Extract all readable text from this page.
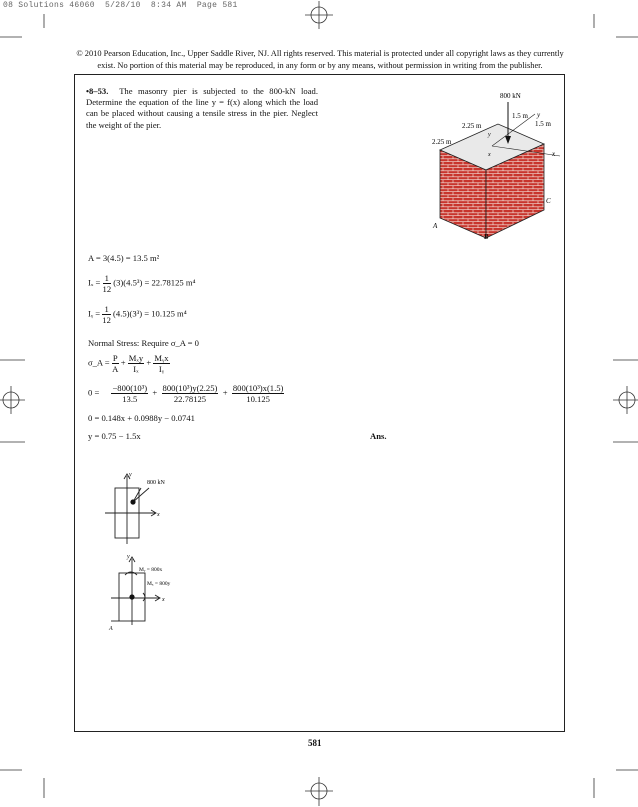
08 Solutions 46060  5/28/10  8:34 AM  Page 581
© 2010 Pearson Education, Inc., Upper Saddle River, NJ. All rights reserved. This material is protected under all copyright laws as they currently
exist. No portion of this material may be reproduced, in any form or by any means, without permission in writing from the publisher.
•8–53. The masonry pier is subjected to the 800-kN load. Determine the equation of the line y = f(x) along which the load can be placed without causing a tensile stress in the pier. Neglect the weight of the pier.
800 kN
x
y
y
x
1.5 m
1.5 m
2.25 m
2.25 m
A
B
C
A = 3(4.5) = 13.5 m²
$I_x = \frac{1}{12} (3)(4.5^3) = 22.78125$ m⁴
Iᵧ = $\frac{1}{12} (4.5)(3^3) = 10.125$ m⁴
Normal Stress: Require σ_A = 0
σ_A = $\frac{P}{A} + \frac{\text{Mₓy}}{\text{Iₓ}} + \frac{\text{Mᵧx}}{\text{Iᵧ}}$
$0 = \frac{\text{−800(10³)}}{13.5} + \frac{\text{800(10³)y(2.25)}}{22.78125} + \frac{\text{800(10³)x(1.5)}}{10.125}$
0 = 0.148x + 0.0988y − 0.0741
y = 0.75 − 1.5x	Ans.
800 kN
x
y
Mᵧ = 800x
Mₓ = 800y
x
y
A
581
